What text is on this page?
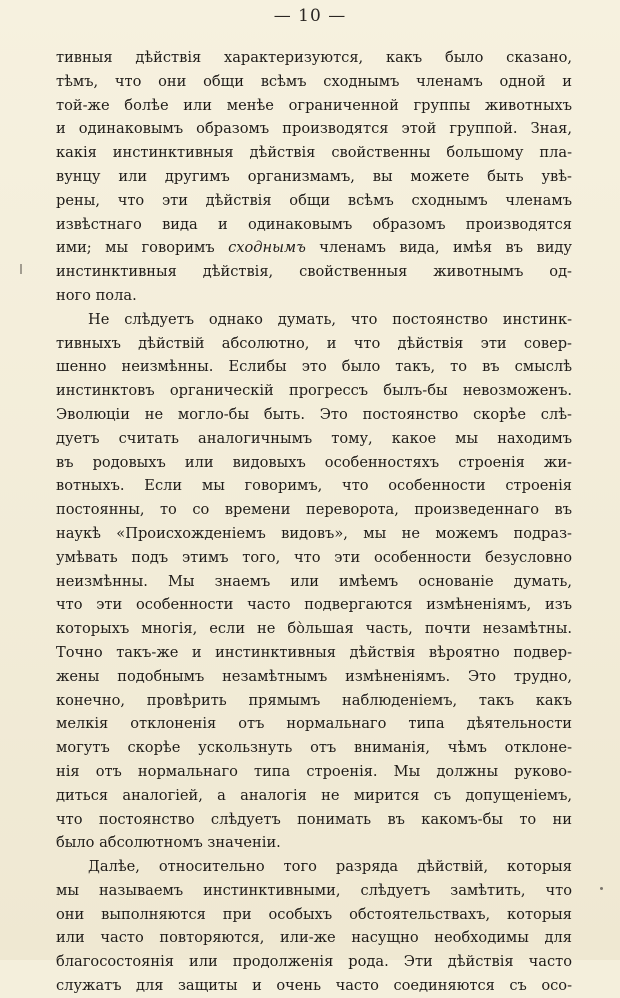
— 10 —
тивныя дѣйствія характеризуются, какъ было сказано,
тѣмъ, что они общи всѣмъ сходнымъ членамъ одной и
той-же болѣе или менѣе ограниченной группы животныхъ
и одинаковымъ образомъ производятся этой группой. Зная,
какія инстинктивныя дѣйствія свойственны большому пла-
вунцу или другимъ организмамъ, вы можете быть увѣ-
рены, что эти дѣйствія общи всѣмъ сходнымъ членамъ
извѣстнаго вида и одинаковымъ образомъ производятся
ими; мы говоримъ сходнымъ членамъ вида, имѣя въ виду
инстинктивныя дѣйствія, свойственныя животнымъ од-
ного пола.
Не слѣдуетъ однако думать, что постоянство инстинк-
тивныхъ дѣйствій абсолютно, и что дѣйствія эти совер-
шенно неизмѣнны. Еслибы это было такъ, то въ смыслѣ
инстинктовъ органическій прогрессъ былъ-бы невозможенъ.
Эволюціи не могло-бы быть. Это постоянство скорѣе слѣ-
дуетъ считать аналогичнымъ тому, какое мы находимъ
въ родовыхъ или видовыхъ особенностяхъ строенія жи-
вотныхъ. Если мы говоримъ, что особенности строенія
постоянны, то со времени переворота, произведеннаго въ
наукѣ «Происхожденіемъ видовъ», мы не можемъ подраз-
умѣвать подъ этимъ того, что эти особенности безусловно
неизмѣнны. Мы знаемъ или имѣемъ основаніе думать,
что эти особенности часто подвергаются измѣненіямъ, изъ
которыхъ многія, если не бо̀льшая часть, почти незамѣтны.
Точно такъ-же и инстинктивныя дѣйствія вѣроятно подвер-
жены подобнымъ незамѣтнымъ измѣненіямъ. Это трудно,
конечно, провѣрить прямымъ наблюденіемъ, такъ какъ
мелкія отклоненія отъ нормальнаго типа дѣятельности
могутъ скорѣе ускользнуть отъ вниманія, чѣмъ отклоне-
нія отъ нормальнаго типа строенія. Мы должны руково-
диться аналогіей, а аналогія не мирится съ допущеніемъ,
что постоянство слѣдуетъ понимать въ какомъ-бы то ни
было абсолютномъ значеніи.
Далѣе, относительно того разряда дѣйствій, которыя
мы называемъ инстинктивными, слѣдуетъ замѣтить, что
они выполняются при особыхъ обстоятельствахъ, которыя
или часто повторяются, или-же насущно необходимы для
благосостоянія или продолженія рода. Эти дѣйствія часто
служатъ для защиты и очень часто соединяются съ осо-
